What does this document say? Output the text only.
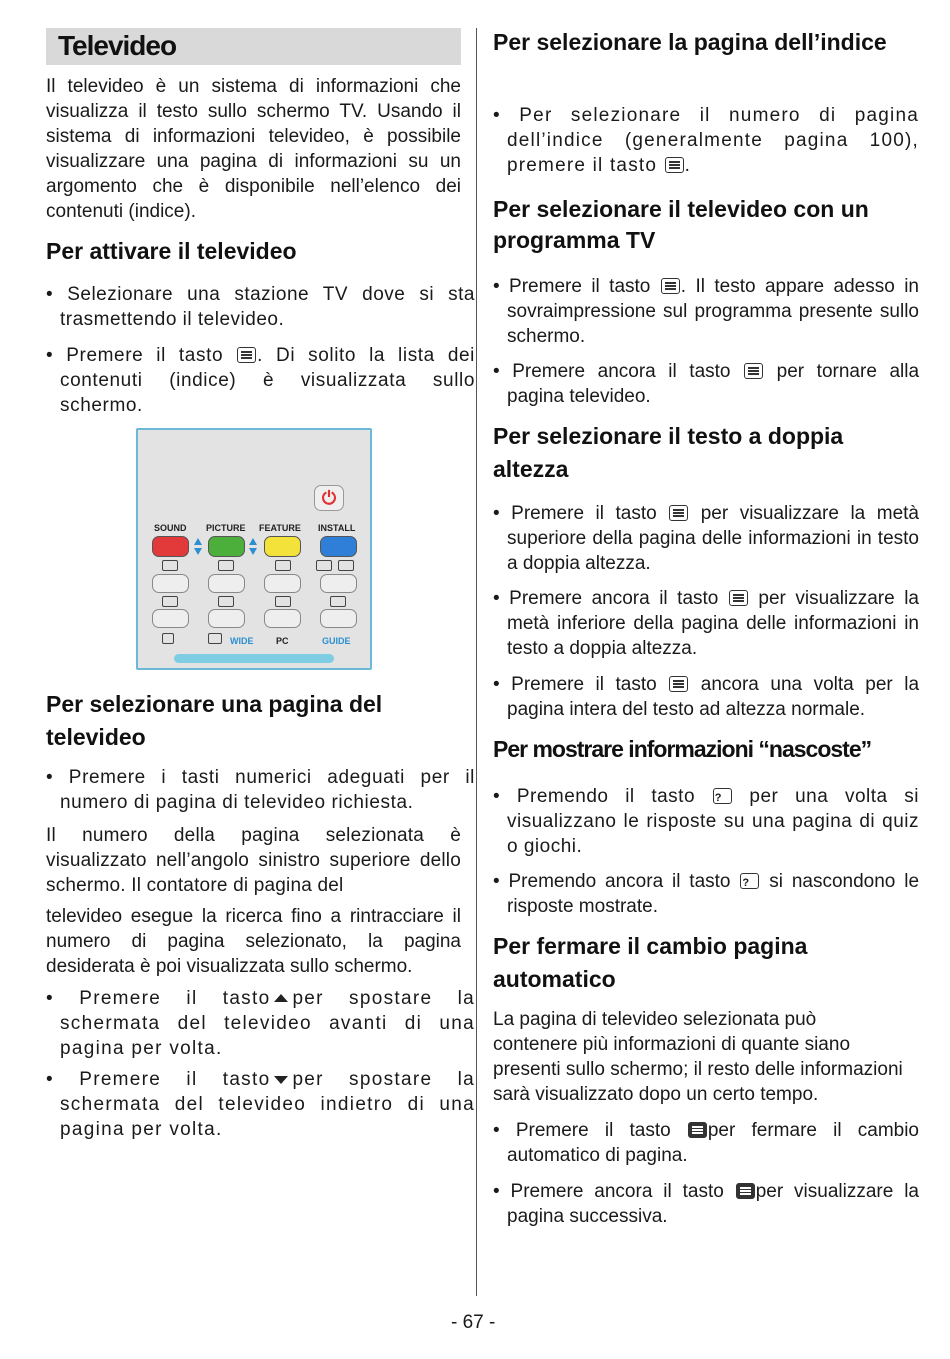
Televideo

Il televideo è un sistema di informazioni che visualizza il testo sullo schermo TV. Usando il sistema di informazioni televideo, è possibile visualizzare una pagina di informazioni su un argomento che è disponibile nell’elenco dei contenuti (indice).

Per attivare il televideo

• Selezionare una stazione TV dove si sta trasmettendo il televideo.

• Premere il tasto . Di solito la lista dei contenuti (indice) è visualizzata sullo schermo.

⏻
SOUND PICTURE FEATURE INSTALL
WIDE	PC	GUIDE
Per selezionare una pagina del televideo

• Premere i tasti numerici adeguati per il numero di pagina di televideo richiesta.

Il numero della pagina selezionata è visualizzato nell’angolo sinistro superiore dello schermo. Il contatore di pagina del

televideo esegue la ricerca fino a rintracciare il numero di pagina selezionato, la pagina desiderata è poi visualizzata sullo schermo.

• Premere il tasto per spostare la schermata del televideo avanti di una pagina per volta.

• Premere il tasto per spostare la schermata del televideo indietro di una pagina per volta.

Per selezionare la pagina dell’indice

• Per selezionare il numero di pagina dell’indice (generalmente pagina 100), premere il tasto .

Per selezionare il televideo con un programma TV

• Premere il tasto . Il testo appare adesso in sovraimpressione sul programma presente sullo schermo.

• Premere ancora il tasto per tornare alla pagina televideo.

Per selezionare il testo a doppia altezza

• Premere il tasto per visualizzare la metà superiore della pagina delle informazioni in testo a doppia altezza.

• Premere ancora il tasto per visualizzare la metà inferiore della pagina delle informazioni in testo a doppia altezza.

• Premere il tasto ancora una volta per la pagina intera del testo ad altezza normale.

Per mostrare informazioni “nascoste”

• Premendo il tasto ?	per una volta si visualizzano le risposte su una pagina di quiz o giochi.

• Premendo ancora il tasto ? si nascondono le risposte mostrate.

Per fermare il cambio pagina automatico

La pagina di televideo selezionata può contenere più informazioni di quante siano presenti sullo schermo; il resto delle informazioni sarà visualizzato dopo un certo tempo.

• Premere il tasto per fermare il cambio automatico di pagina.

• Premere ancora il tasto per visualizzare la pagina successiva.

- 67 -
